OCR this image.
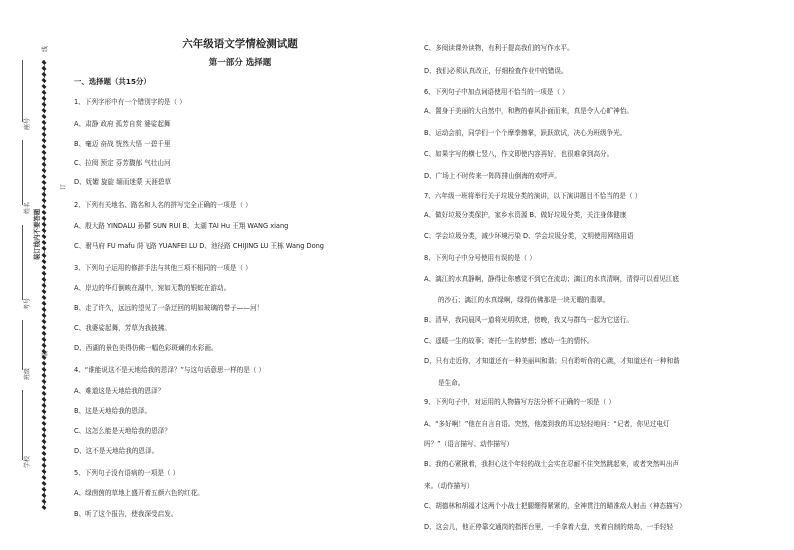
线
座号
姓名
装订线内不要答题
订
考号
装
班级
学校
六年级语文学情检测试题
第一部分 选择题
一、选择题（共15分）
1、下列字形中有一个错别字的是（ ）
A、肃静 政府 孤芳自赏 婆娑起舞
B、毫迈 奋战 恍然大悟 一碧千里
C、拉阅 预定 芬芳馥郁 气壮山河
D、妩媚 旋旋 缅而迷蒙 天涯碧草
2、下列有关地名、路名和人名的拼写完全正确的一项是（ ）
A、殷大路 YINDALU 孙鬱 SUN RUI B、太湖 TAI Hu 王翔 WANG xiang
C、驸马府 FU mafu 莳飞路 YUANFEI LU D、池径路 CHIJING LU 王栋 Wang Dong
3、下列句子运用的修辞手法与其他三项不相同的一项是（ ）
A、岸边的华灯倒映在湖中，宛如无数的银蛇在游动。
B、走了许久，远远的望见了一条迂回的明如玻璃的带子——河！
C、我婆娑起舞，芳草为我披拂。
D、西湖的景色美得仿佛一幅色彩斑斓的水彩画。
4、“谁能说这不是天地给我的恩泽？”与这句话意思一样的是（ ）
A、难道这是天地给我的恩泽？
B、这是天地给我的恩泽。
C、这怎么能是天地给我的恩泽？
D、这不是天地给我的恩泽。
5、下列句子没有语病的一项是（ ）
A、绿茵茵的草地上盛开着五颜六色的红花。
B、听了这个报告，使我深受启发。
C、多阅读课外读物，有利于提高我们的写作水平。
D、我们必须认真改正，仔细检查作业中的错误。
6、下列句子中加点词语使用不恰当的一项是（ ）
A、置身于美丽的大自然中，和煦的春风扑面而来，真是令人心旷神怡。
B、运动会前，同学们一个个摩拳擦掌，跃跃欲试，决心为班级争光。
C、如果字写的横七竖八，作文即使内容再好，也很难拿到高分。
D、广场上不时传来一阵阵排山倒海的欢呼声。
7、六年级一班将举行关于垃圾分类的演讲，以下演讲题目不恰当的是（ ）
A、做好垃圾分类保护，家乡水资源 B、做好垃圾分类，关注身体健康
C、学会垃圾分类，减少环境污染 D、学会垃圾分类，文明使用网络用语
8、下列句子中分号使用有误的是（ ）
A、漓江的水真静啊，静得让你感觉不到它在流动；漓江的水真清啊，清得可以看见江底
的沙石；漓江的水真绿啊，绿得仿佛那是一块无暇的翡翠。
B、清早，我同晨风一道将光明吹进，傍晚，我又与群鸟一起为它送行。
C、遥暖一生的故事；寄托一生的梦想；感动一生的情怀。
D、只有走近你，才知道还有一种美丽叫和谐；只有聆听你的心跳，才知道还有一种和谐
是生命。
9、下列句子中，对运用的人物描写方法分析不正确的一项是（ ）
A、“多好啊！”他在自言自语。突然，他凑到我的耳边轻轻地问：“记者，你见过电灯
吗？”（语言描写、动作描写）
B、我的心紧揪着，我担心这个年轻的战士会实在忍耐不住突然跳起来，或者突然叫出声
来。（动作描写）
C、胡德林和胡福才这两个小战士把腿绷得紧紧的，全神贯注的瞄准敌人射击（神态描写）
D、这会儿，他正停靠交通岗的指挥台里，一手拿着大盘，夹着自制的熔岛，一手轻轻
